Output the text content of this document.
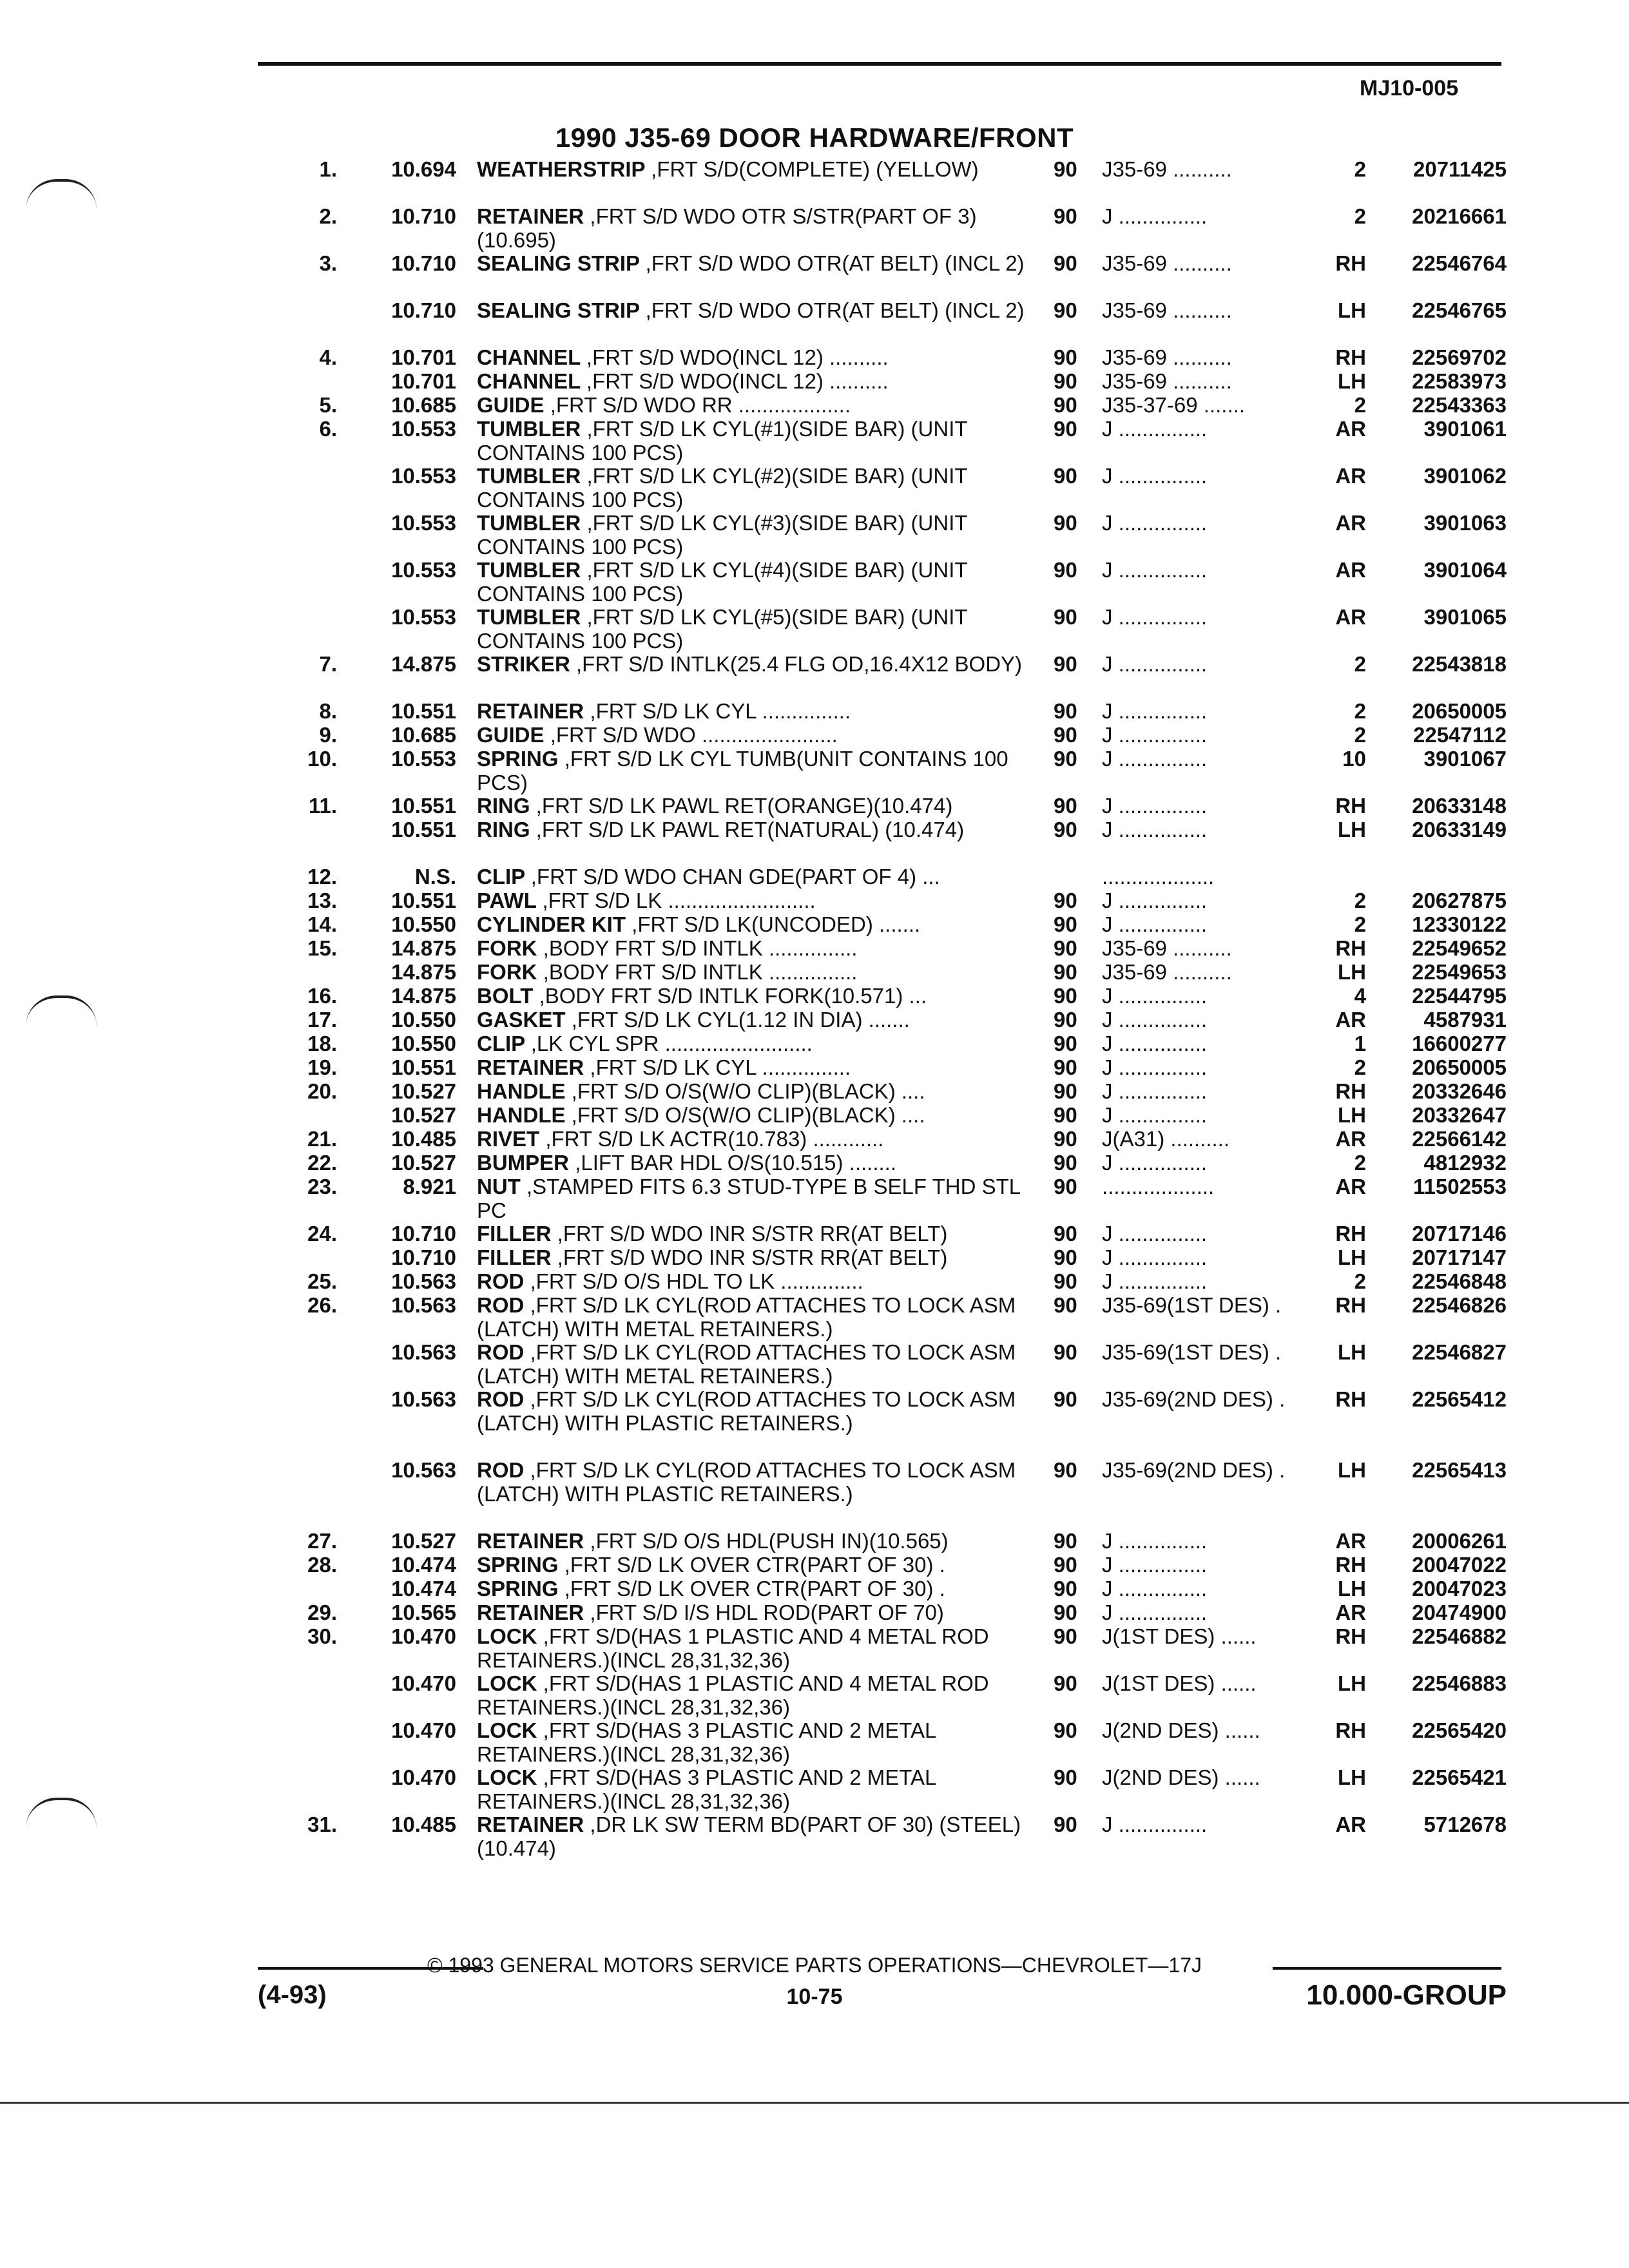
MJ10-005
1990 J35-69 DOOR HARDWARE/FRONT
1.	10.694	90 J35-69 ..........	2 20711425
WEATHERSTRIP ,FRT S/D(COMPLETE) (YELLOW)
2.	10.710	90 J ...............	2 20216661
RETAINER ,FRT S/D WDO OTR S/STR(PART OF 3)(10.695)
3.	10.710	90 J35-69 ..........	RH 22546764
SEALING STRIP ,FRT S/D WDO OTR(AT BELT) (INCL 2)
10.710	90 J35-69 ..........	LH 22546765
SEALING STRIP ,FRT S/D WDO OTR(AT BELT) (INCL 2)
4.	10.701	90 J35-69 ..........	RH 22569702
CHANNEL ,FRT S/D WDO(INCL 12) ..........
10.701	90 J35-69 ..........	LH 22583973
CHANNEL ,FRT S/D WDO(INCL 12) ..........
5.	10.685	90 J35-37-69 .......	2 22543363
GUIDE ,FRT S/D WDO RR ...................
6.	10.553	90 J ...............	AR	3901061
TUMBLER ,FRT S/D LK CYL(#1)(SIDE BAR) (UNIT CONTAINS 100 PCS)
10.553	90 J ...............	AR	3901062
TUMBLER ,FRT S/D LK CYL(#2)(SIDE BAR) (UNIT CONTAINS 100 PCS)
10.553	90 J ...............	AR	3901063
TUMBLER ,FRT S/D LK CYL(#3)(SIDE BAR) (UNIT CONTAINS 100 PCS)
10.553	90 J ...............	AR	3901064
TUMBLER ,FRT S/D LK CYL(#4)(SIDE BAR) (UNIT CONTAINS 100 PCS)
10.553	90 J ...............	AR	3901065
TUMBLER ,FRT S/D LK CYL(#5)(SIDE BAR) (UNIT CONTAINS 100 PCS)
7.	14.875	90 J ...............	2 22543818
STRIKER ,FRT S/D INTLK(25.4 FLG OD,16.4X12 BODY)
8.	10.551	90 J ...............	2 20650005
RETAINER ,FRT S/D LK CYL ...............
9.	10.685	90 J ...............	2 22547112
GUIDE ,FRT S/D WDO .......................
10.	10.553	90 J ...............	10	3901067
SPRING ,FRT S/D LK CYL TUMB(UNIT CONTAINS 100 PCS)
11.	10.551	90 J ...............	RH 20633148
RING ,FRT S/D LK PAWL RET(ORANGE)(10.474)
10.551	90 J ...............	LH 20633149
RING ,FRT S/D LK PAWL RET(NATURAL) (10.474)
12.	N.S.	...................
CLIP ,FRT S/D WDO CHAN GDE(PART OF 4) ...
13.	10.551	90 J ...............	2 20627875
PAWL ,FRT S/D LK .........................
14.	10.550	90 J ...............	2 12330122
CYLINDER KIT ,FRT S/D LK(UNCODED) .......
15.	14.875	90 J35-69 ..........	RH 22549652
FORK ,BODY FRT S/D INTLK ...............
14.875	90 J35-69 ..........	LH 22549653
FORK ,BODY FRT S/D INTLK ...............
16.	14.875	90 J ...............	4 22544795
BOLT ,BODY FRT S/D INTLK FORK(10.571) ...
17.	10.550	90 J ...............	AR	4587931
GASKET ,FRT S/D LK CYL(1.12 IN DIA) .......
18.	10.550	90 J ...............	1 16600277
CLIP ,LK CYL SPR .........................
19.	10.551	90 J ...............	2 20650005
RETAINER ,FRT S/D LK CYL ...............
20.	10.527	90 J ...............	RH 20332646
HANDLE ,FRT S/D O/S(W/O CLIP)(BLACK) ....
10.527	90 J ...............	LH 20332647
HANDLE ,FRT S/D O/S(W/O CLIP)(BLACK) ....
21.	10.485	90 J(A31) ..........	AR 22566142
RIVET ,FRT S/D LK ACTR(10.783) ............
22.	10.527	90 J ...............	2	4812932
BUMPER ,LIFT BAR HDL O/S(10.515) ........
23.	8.921	90 ...................	AR 11502553
NUT ,STAMPED FITS 6.3 STUD-TYPE B SELF THD STL PC
24.	10.710	90 J ...............	RH 20717146
FILLER ,FRT S/D WDO INR S/STR RR(AT BELT)
10.710	90 J ...............	LH 20717147
FILLER ,FRT S/D WDO INR S/STR RR(AT BELT)
25.	10.563	90 J ...............	2 22546848
ROD ,FRT S/D O/S HDL TO LK ..............
26.	10.563	90 J35-69(1ST DES) .	RH 22546826
ROD ,FRT S/D LK CYL(ROD ATTACHES TO LOCK ASM (LATCH) WITH METAL RETAINERS.)
10.563	90 J35-69(1ST DES) .	LH 22546827
ROD ,FRT S/D LK CYL(ROD ATTACHES TO LOCK ASM (LATCH) WITH METAL RETAINERS.)
10.563	90 J35-69(2ND DES) . RH 22565412
ROD ,FRT S/D LK CYL(ROD ATTACHES TO LOCK ASM (LATCH) WITH PLASTIC RETAINERS.)
10.563	90 J35-69(2ND DES) . LH 22565413
ROD ,FRT S/D LK CYL(ROD ATTACHES TO LOCK ASM (LATCH) WITH PLASTIC RETAINERS.)
27.	10.527	90 J ...............	AR 20006261
RETAINER ,FRT S/D O/S HDL(PUSH IN)(10.565)
28.	10.474	90 J ...............	RH 20047022
SPRING ,FRT S/D LK OVER CTR(PART OF 30) .
10.474	90 J ...............	LH 20047023
SPRING ,FRT S/D LK OVER CTR(PART OF 30) .
29.	10.565	90 J ...............	AR 20474900
RETAINER ,FRT S/D I/S HDL ROD(PART OF 70)
30.	10.470	90 J(1ST DES) ......	RH 22546882
LOCK ,FRT S/D(HAS 1 PLASTIC AND 4 METAL ROD RETAINERS.)(INCL 28,31,32,36)
10.470	90 J(1ST DES) ......	LH 22546883
LOCK ,FRT S/D(HAS 1 PLASTIC AND 4 METAL ROD RETAINERS.)(INCL 28,31,32,36)
10.470	90 J(2ND DES) ......	RH 22565420
LOCK ,FRT S/D(HAS 3 PLASTIC AND 2 METAL RETAINERS.)(INCL 28,31,32,36)
10.470	90 J(2ND DES) ......	LH 22565421
LOCK ,FRT S/D(HAS 3 PLASTIC AND 2 METAL RETAINERS.)(INCL 28,31,32,36)
31.	10.485	90 J ...............	AR	5712678
RETAINER ,DR LK SW TERM BD(PART OF 30) (STEEL)(10.474)
© 1993 GENERAL MOTORS SERVICE PARTS OPERATIONS—CHEVROLET—17J
(4-93)	10-75	10.000-GROUP
